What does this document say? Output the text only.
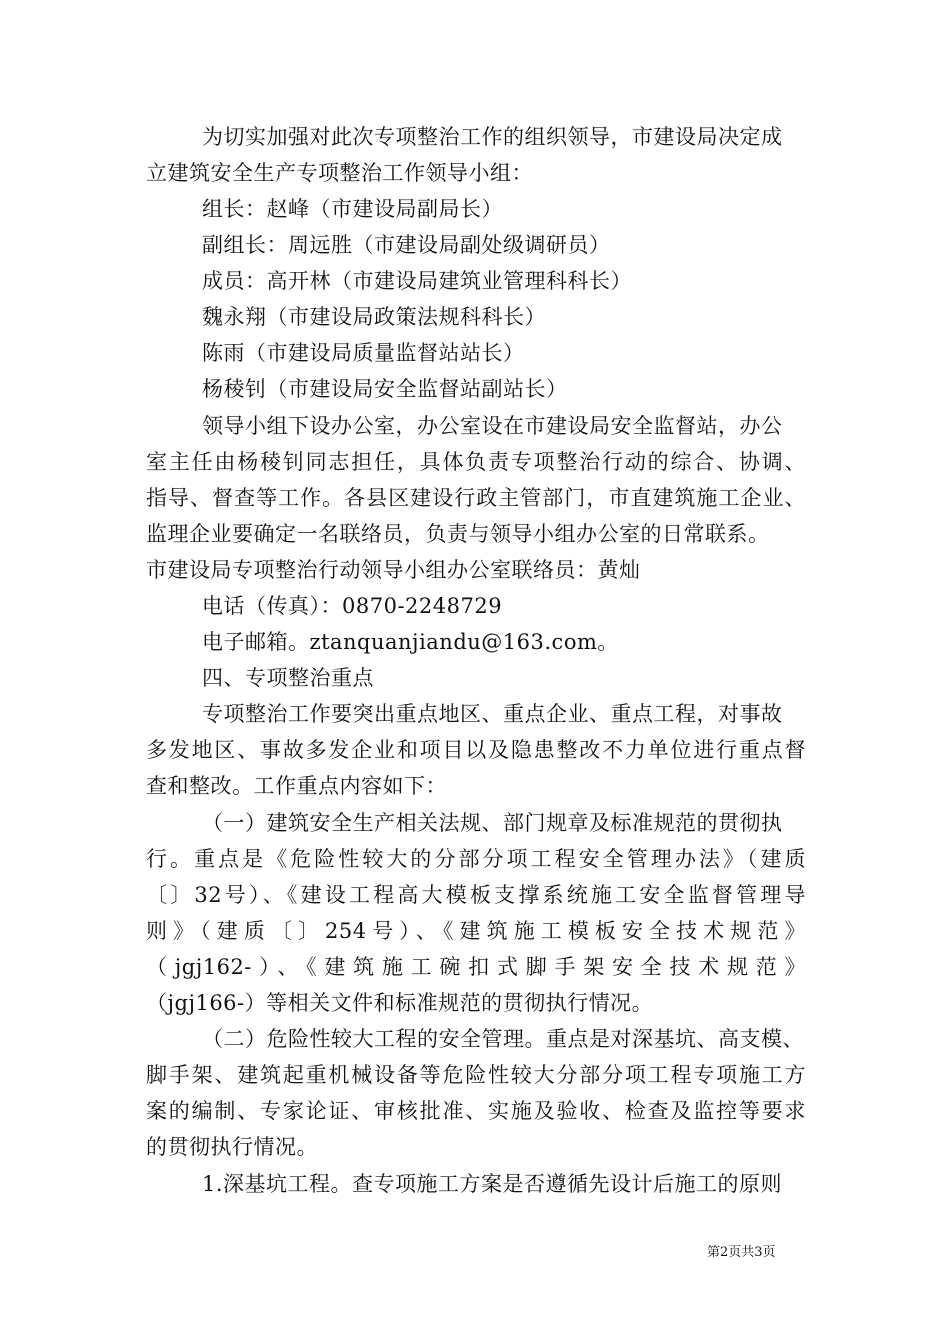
为切实加强对此次专项整治工作的组织领导，市建设局决定成
立建筑安全生产专项整治工作领导小组：
组长：赵峰（市建设局副局长）
副组长：周远胜（市建设局副处级调研员）
成员：高开林（市建设局建筑业管理科科长）
魏永翔（市建设局政策法规科科长）
陈雨（市建设局质量监督站站长）
杨稜钊（市建设局安全监督站副站长）
领导小组下设办公室，办公室设在市建设局安全监督站，办公
室主任由杨稜钊同志担任，具体负责专项整治行动的综合、协调、
指导、督查等工作。各县区建设行政主管部门，市直建筑施工企业、
监理企业要确定一名联络员，负责与领导小组办公室的日常联系。
市建设局专项整治行动领导小组办公室联络员：黄灿
电话（传真）：0870-2248729
电子邮箱。ztanquanjiandu@163.com。
四、专项整治重点
专项整治工作要突出重点地区、重点企业、重点工程，对事故
多发地区、事故多发企业和项目以及隐患整改不力单位进行重点督
查和整改。工作重点内容如下：
（一）建筑安全生产相关法规、部门规章及标准规范的贯彻执
行。重点是《危险性较大的分部分项工程安全管理办法》（建质
〔〕32号）、《建设工程高大模板支撑系统施工安全监督管理导
则》（建质〔〕254号）、《建筑施工模板安全技术规范》
（jgj162-）、《建筑施工碗扣式脚手架安全技术规范》
（jgj166-）等相关文件和标准规范的贯彻执行情况。
（二）危险性较大工程的安全管理。重点是对深基坑、高支模、
脚手架、建筑起重机械设备等危险性较大分部分项工程专项施工方
案的编制、专家论证、审核批准、实施及验收、检查及监控等要求
的贯彻执行情况。
1.深基坑工程。查专项施工方案是否遵循先设计后施工的原则
第2页共3页
